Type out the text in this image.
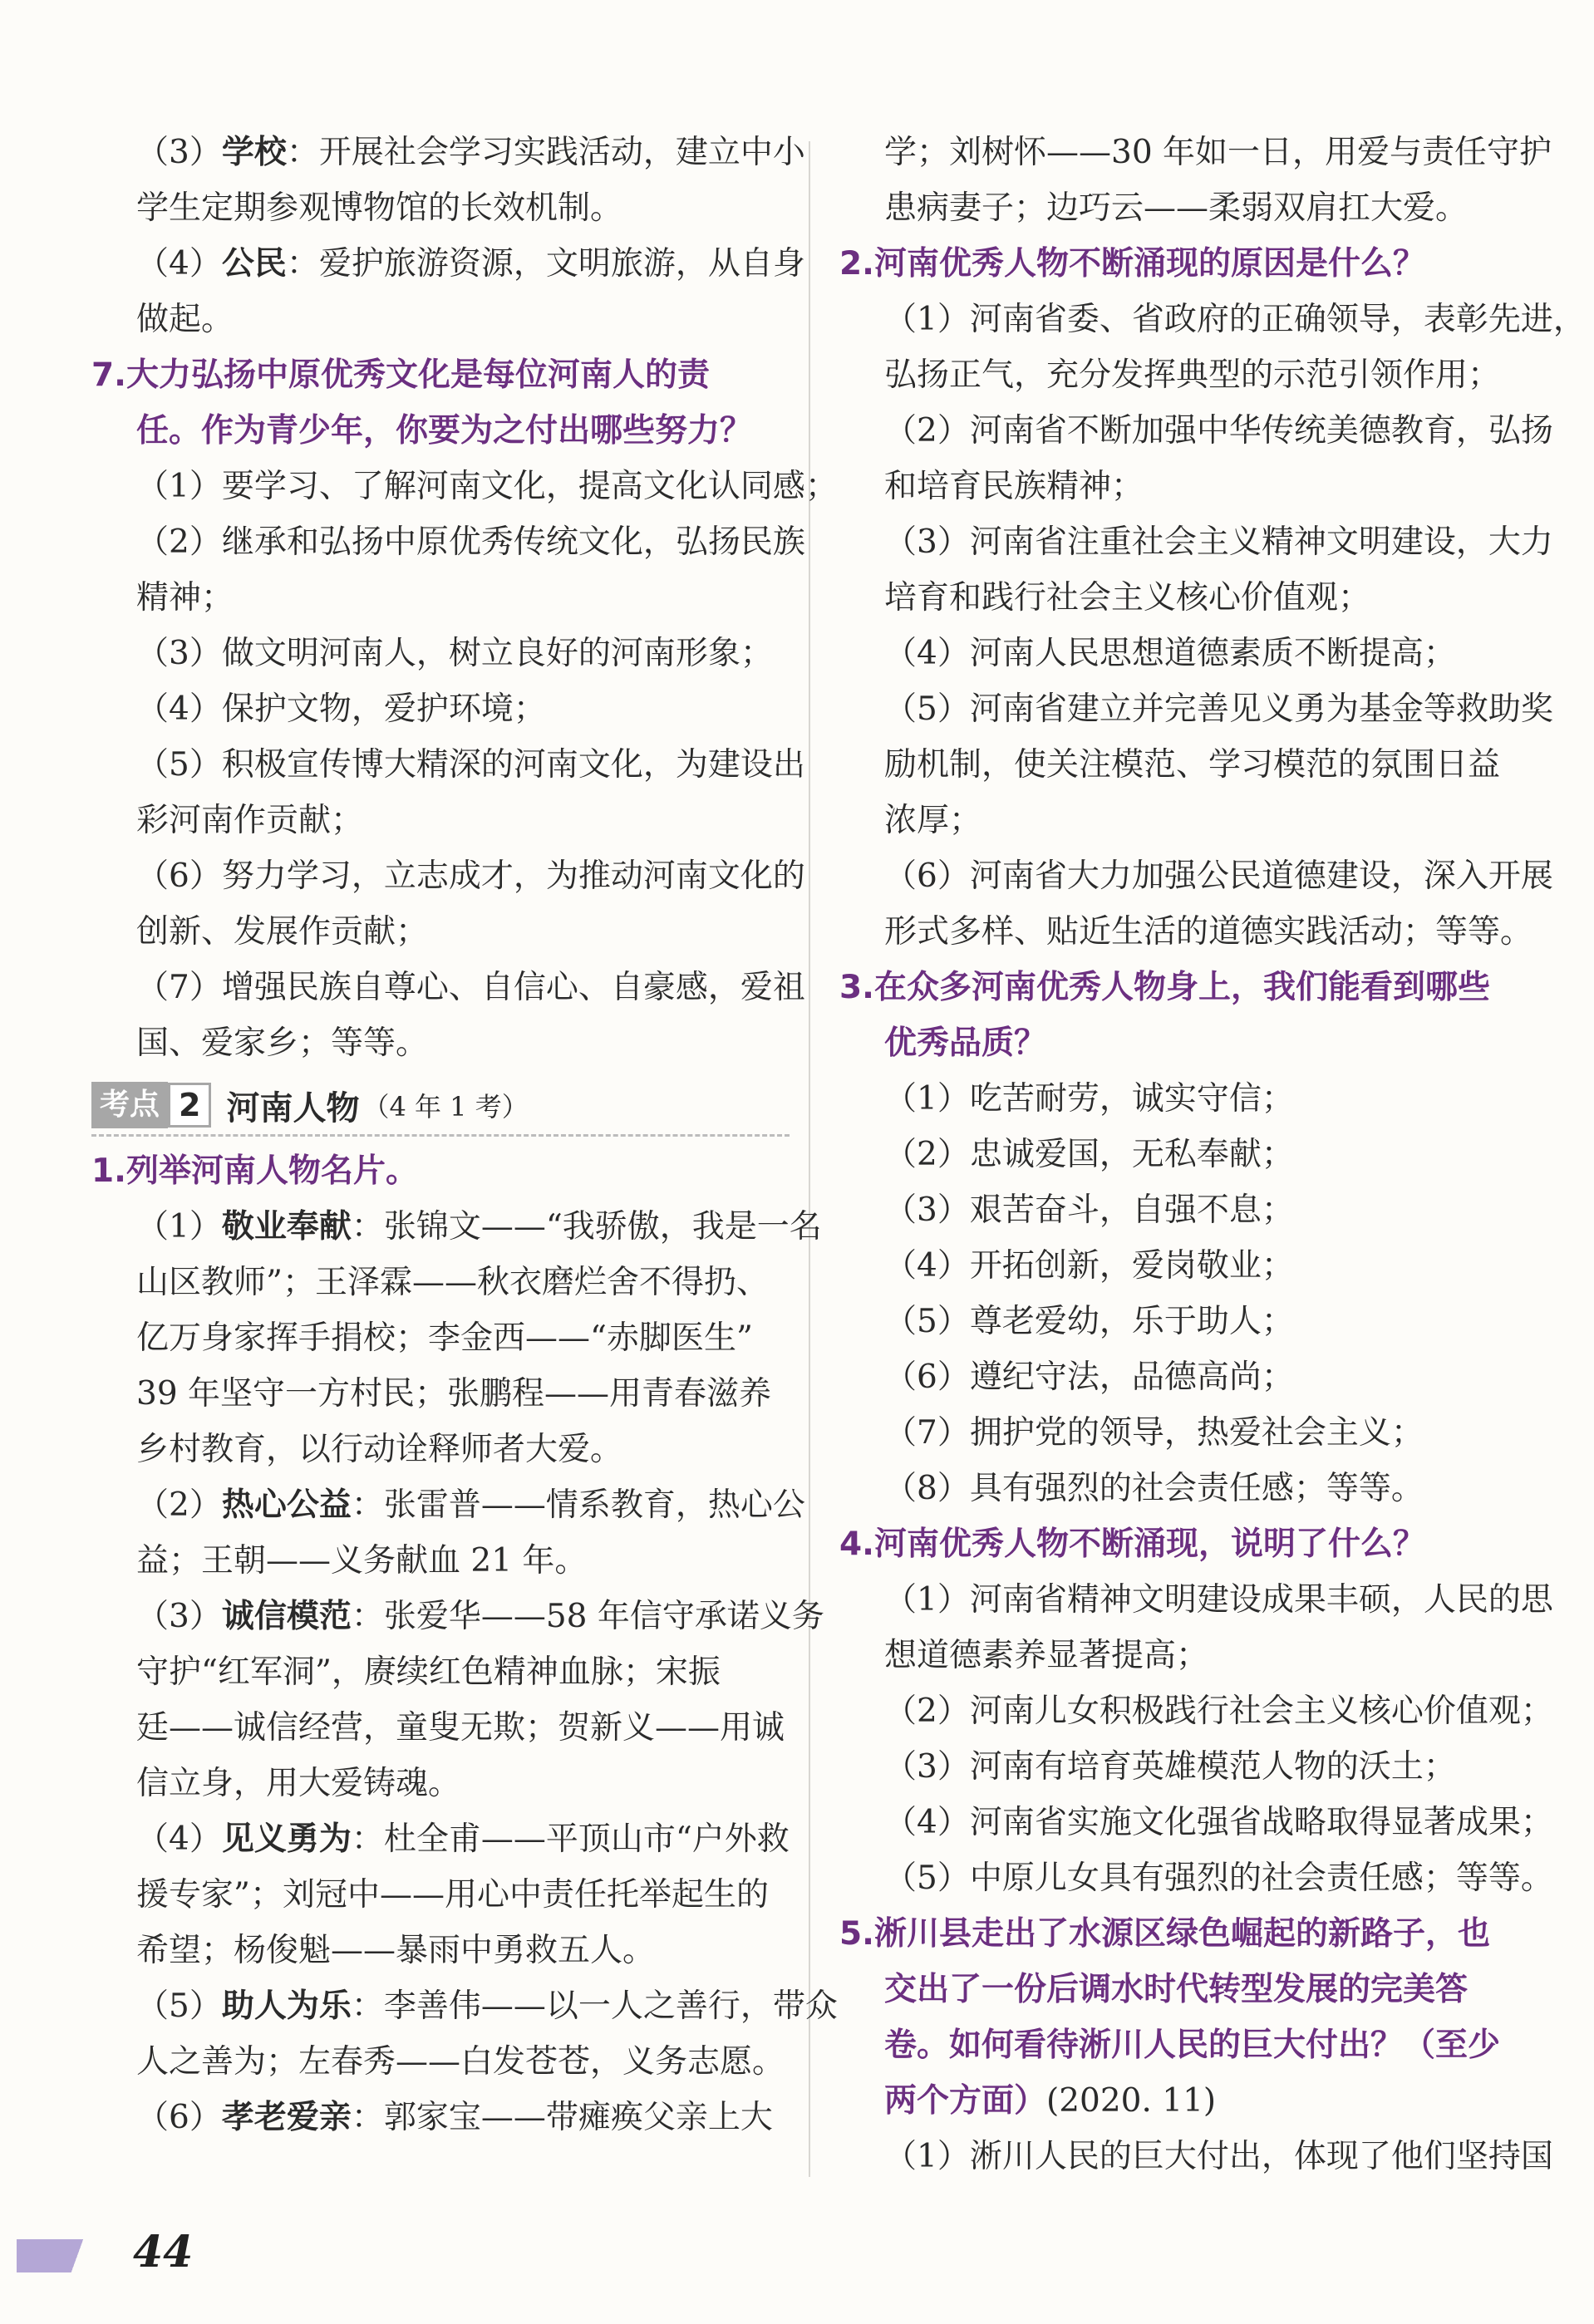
（3）学校：开展社会学习实践活动，建立中小
学生定期参观博物馆的长效机制。
（4）公民：爱护旅游资源，文明旅游，从自身
做起。
7.大力弘扬中原优秀文化是每位河南人的责
任。作为青少年，你要为之付出哪些努力？
（1）要学习、了解河南文化，提高文化认同感；
（2）继承和弘扬中原优秀传统文化，弘扬民族
精神；
（3）做文明河南人，树立良好的河南形象；
（4）保护文物，爱护环境；
（5）积极宣传博大精深的河南文化，为建设出
彩河南作贡献；
（6）努力学习，立志成才，为推动河南文化的
创新、发展作贡献；
（7）增强民族自尊心、自信心、自豪感，爱祖
国、爱家乡；等等。
考点 2 河南人物 （4 年 1 考）
1.列举河南人物名片。
（1）敬业奉献：张锦文——“我骄傲，我是一名
山区教师”；王泽霖——秋衣磨烂舍不得扔、
亿万身家挥手捐校；李金西——“赤脚医生”
39 年坚守一方村民；张鹏程——用青春滋养
乡村教育，以行动诠释师者大爱。
（2）热心公益：张雷普——情系教育，热心公
益；王朝——义务献血 21 年。
（3）诚信模范：张爱华——58 年信守承诺义务
守护“红军洞”，赓续红色精神血脉；宋振
廷——诚信经营，童叟无欺；贺新义——用诚
信立身，用大爱铸魂。
（4）见义勇为：杜全甫——平顶山市“户外救
援专家”；刘冠中——用心中责任托举起生的
希望；杨俊魁——暴雨中勇救五人。
（5）助人为乐：李善伟——以一人之善行，带众
人之善为；左春秀——白发苍苍，义务志愿。
（6）孝老爱亲：郭家宝——带瘫痪父亲上大
学；刘树怀——30 年如一日，用爱与责任守护
患病妻子；边巧云——柔弱双肩扛大爱。
2.河南优秀人物不断涌现的原因是什么？
（1）河南省委、省政府的正确领导，表彰先进，
弘扬正气，充分发挥典型的示范引领作用；
（2）河南省不断加强中华传统美德教育，弘扬
和培育民族精神；
（3）河南省注重社会主义精神文明建设，大力
培育和践行社会主义核心价值观；
（4）河南人民思想道德素质不断提高；
（5）河南省建立并完善见义勇为基金等救助奖
励机制，使关注模范、学习模范的氛围日益
浓厚；
（6）河南省大力加强公民道德建设，深入开展
形式多样、贴近生活的道德实践活动；等等。
3.在众多河南优秀人物身上，我们能看到哪些
优秀品质？
（1）吃苦耐劳，诚实守信；
（2）忠诚爱国，无私奉献；
（3）艰苦奋斗，自强不息；
（4）开拓创新，爱岗敬业；
（5）尊老爱幼，乐于助人；
（6）遵纪守法，品德高尚；
（7）拥护党的领导，热爱社会主义；
（8）具有强烈的社会责任感；等等。
4.河南优秀人物不断涌现，说明了什么？
（1）河南省精神文明建设成果丰硕，人民的思
想道德素养显著提高；
（2）河南儿女积极践行社会主义核心价值观；
（3）河南有培育英雄模范人物的沃土；
（4）河南省实施文化强省战略取得显著成果；
（5）中原儿女具有强烈的社会责任感；等等。
5.淅川县走出了水源区绿色崛起的新路子，也
交出了一份后调水时代转型发展的完美答
卷。如何看待淅川人民的巨大付出？（至少
两个方面）(2020. 11)
（1）淅川人民的巨大付出，体现了他们坚持国
44
